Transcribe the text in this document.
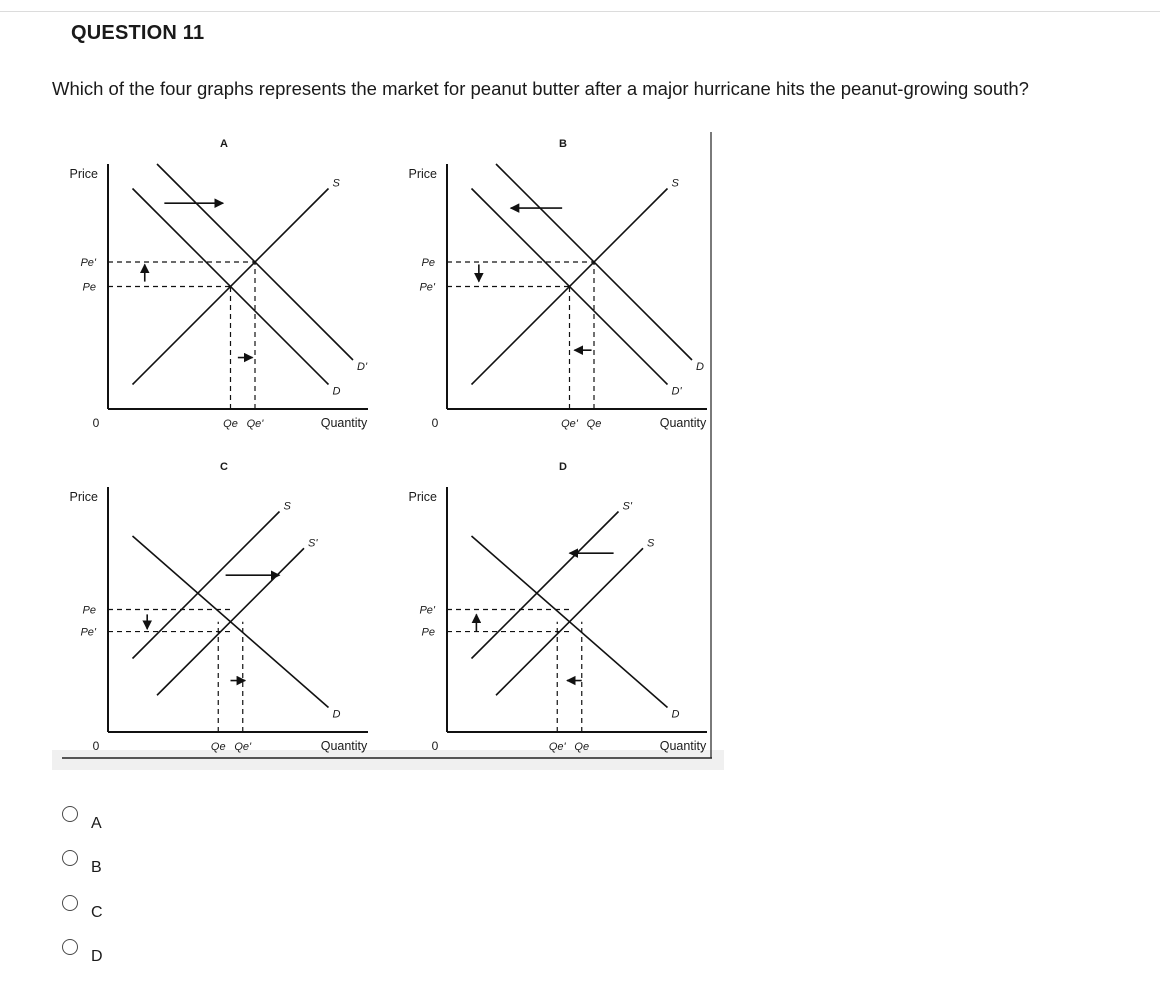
QUESTION 11
Which of the four graphs represents the market for peanut butter after a major hurricane hits the peanut-growing south?
A
Price
0	Quantity
Pe'
Pe
Qe Qe'
S
D
D'
B
Price
0	Quantity
Pe
Pe'
Qe' Qe
S
D
D'
C
Price
0	Quantity
Pe
Pe'
Qe Qe'
S
S'
D
D
Price
0	Quantity
Pe'
Pe
Qe' Qe
S
S'
D
A
B
C
D
